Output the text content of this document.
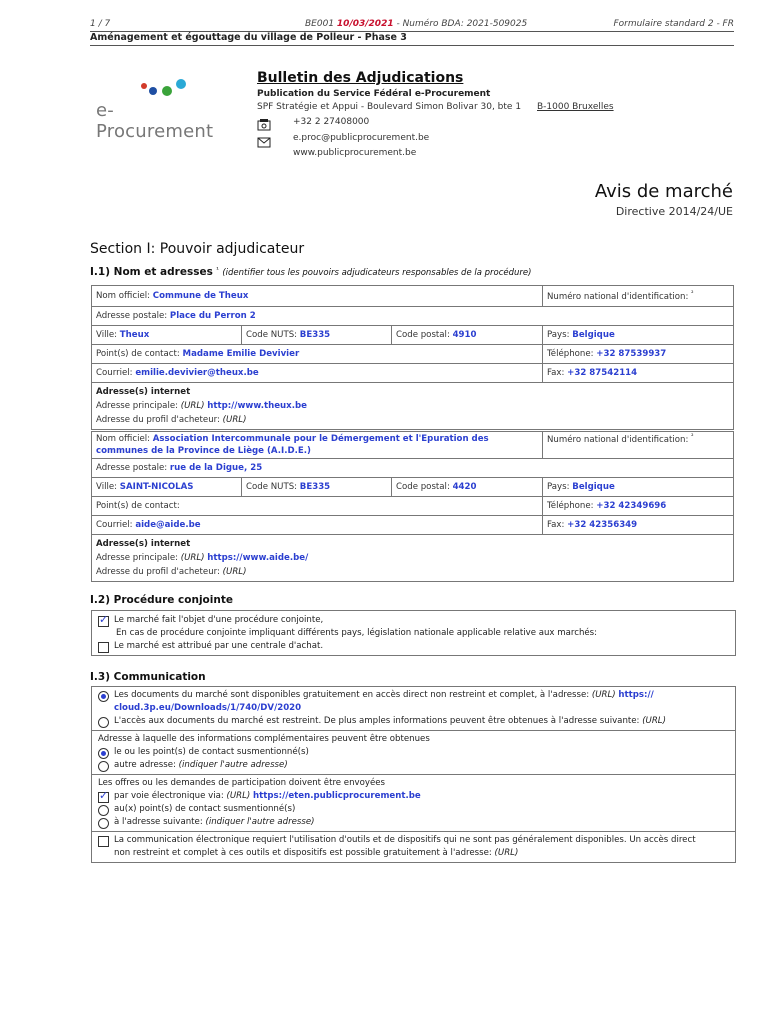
1 / 7	BE001 10/03/2021 - Numéro BDA: 2021-509025	Formulaire standard 2 - FR
Aménagement et égouttage du village de Polleur - Phase 3
e-Procurement
Bulletin des Adjudications
Publication du Service Fédéral e-Procurement
SPF Stratégie et Appui - Boulevard Simon Bolivar 30, bte 1 B-1000 Bruxelles
+32 2 27408000
e.proc@publicprocurement.be
www.publicprocurement.be
Avis de marché
Directive 2014/24/UE
Section I: Pouvoir adjudicateur
I.1) Nom et adresses $^{^1}$ (identifier tous les pouvoirs adjudicateurs responsables de la procédure)
Nom officiel: Commune de Theux			Numéro national d'identification: $^{^2}$
Adresse postale: Place du Perron 2			
Ville: Theux	Code NUTS: BE335	Code postal: 4910	Pays: Belgique
Point(s) de contact: Madame Emilie Devivier			Téléphone: +32 87539937
Courriel: emilie.devivier@theux.be			Fax: +32 87542114

Adresse(s) internet
Adresse principale: (URL) http://www.theux.be
Adresse du profil d'acheteur: (URL)			
Nom officiel: Association Intercommunale pour le Démergement et l'Epuration des
communes de la Province de Liège (A.I.D.E.)			Numéro national d'identification: $^{^2}$
Adresse postale: rue de la Digue, 25			
Ville: SAINT-NICOLAS	Code NUTS: BE335	Code postal: 4420	Pays: Belgique
Point(s) de contact:			Téléphone: +32 42349696
Courriel: aide@aide.be			Fax: +32 42356349

Adresse(s) internet
Adresse principale: (URL) https://www.aide.be/
Adresse du profil d'acheteur: (URL)			
I.2) Procédure conjointe
✓
Le marché fait l'objet d'une procédure conjointe,
En cas de procédure conjointe impliquant différents pays, législation nationale applicable relative aux marchés:
Le marché est attribué par une centrale d'achat.
I.3) Communication
Les documents du marché sont disponibles gratuitement en accès direct non restreint et complet, à l'adresse: (URL) https://
cloud.3p.eu/Downloads/1/740/DV/2020
L'accès aux documents du marché est restreint. De plus amples informations peuvent être obtenues à l'adresse suivante: (URL)
Adresse à laquelle des informations complémentaires peuvent être obtenues
le ou les point(s) de contact susmentionné(s)
autre adresse: (indiquer l'autre adresse)
Les offres ou les demandes de participation doivent être envoyées
✓
par voie électronique via: (URL) https://eten.publicprocurement.be
au(x) point(s) de contact susmentionné(s)
à l'adresse suivante: (indiquer l'autre adresse)
La communication électronique requiert l'utilisation d'outils et de dispositifs qui ne sont pas généralement disponibles. Un accès direct
non restreint et complet à ces outils et dispositifs est possible gratuitement à l'adresse: (URL)
